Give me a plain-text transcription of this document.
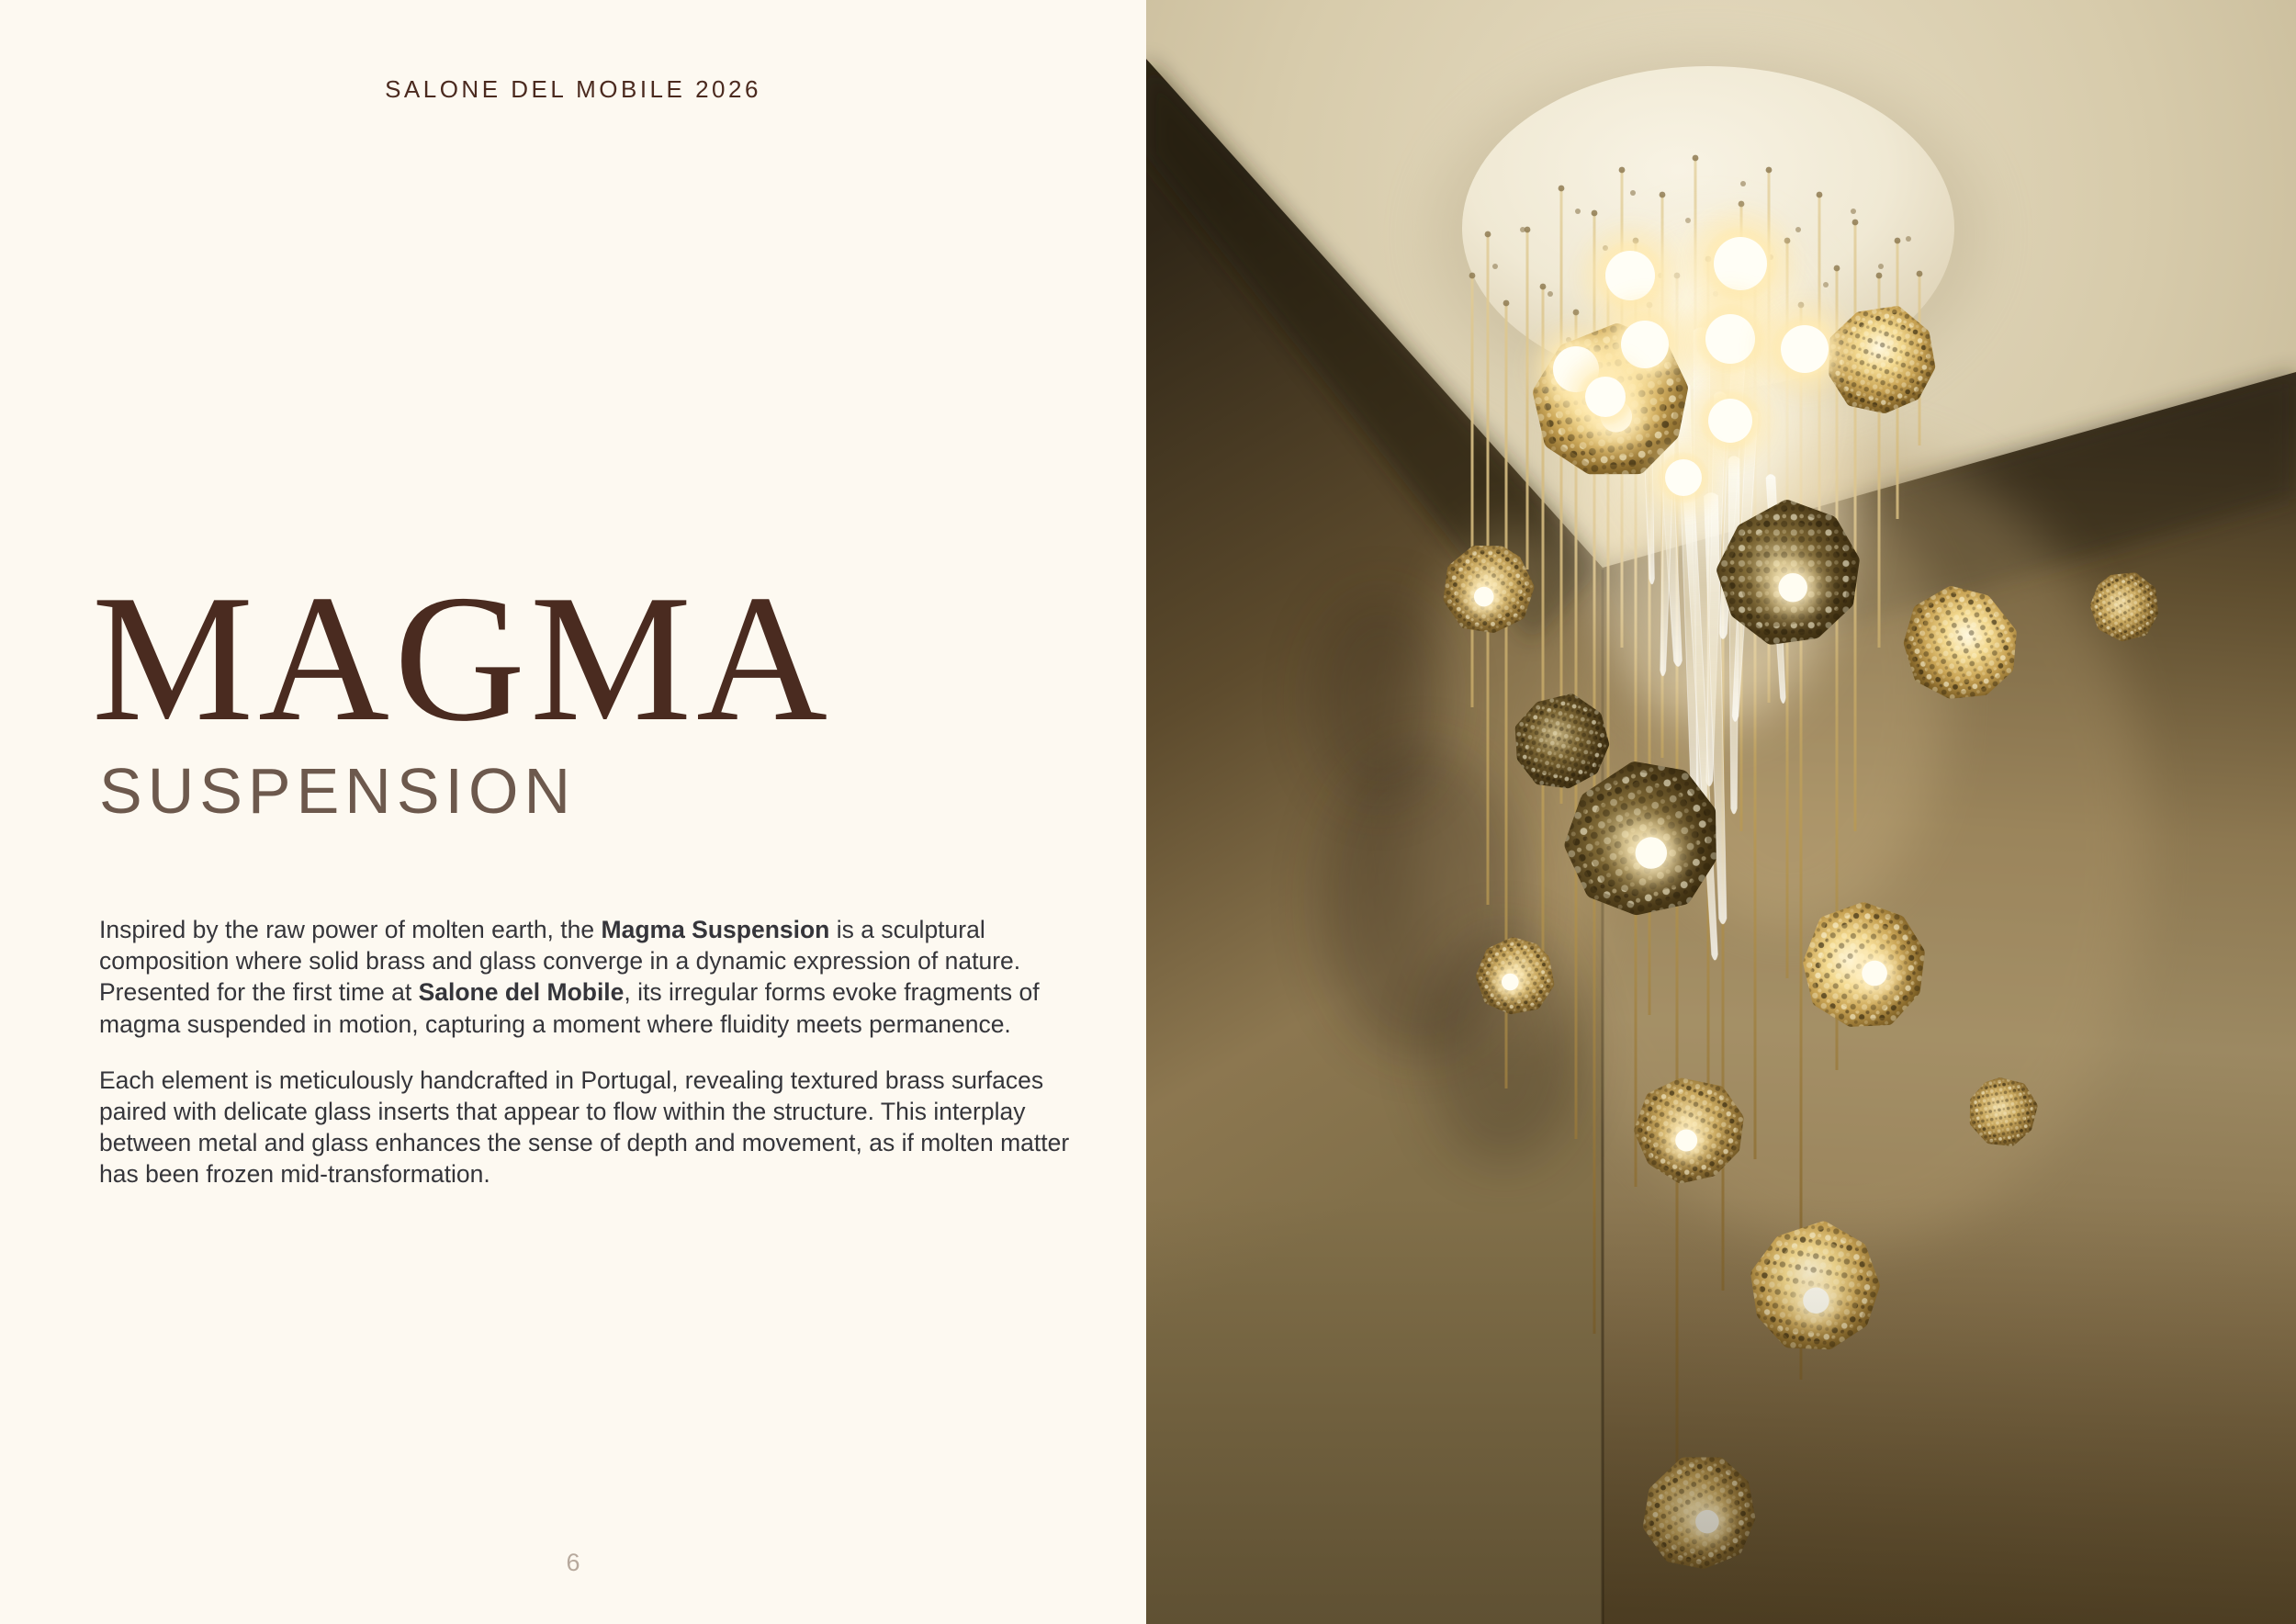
SALONE DEL MOBILE 2026
MAGMA
SUSPENSION

Inspired by the raw power of molten earth, the Magma Suspension is a sculptural composition where solid brass and glass converge in a dynamic expression of nature. Presented for the first time at Salone del Mobile, its irregular forms evoke fragments of magma suspended in motion, capturing a moment where fluidity meets permanence.

Each element is meticulously handcrafted in Portugal, revealing textured brass surfaces paired with delicate glass inserts that appear to flow within the structure. This interplay between metal and glass enhances the sense of depth and movement, as if molten matter has been frozen mid-transformation.

6
